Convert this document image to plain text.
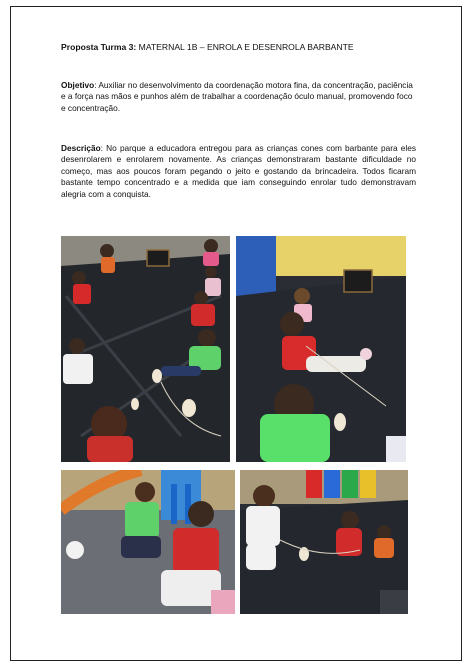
Proposta Turma 3: MATERNAL 1B – ENROLA E DESENROLA BARBANTE
Objetivo: Auxiliar no desenvolvimento da coordenação motora fina, da concentração, paciência e a força nas mãos e punhos além de trabalhar a coordenação óculo manual, promovendo foco e concentração.
Descrição: No parque a educadora entregou para as crianças cones com barbante para eles desenrolarem e enrolarem novamente. As crianças demonstraram bastante dificuldade no começo, mas aos poucos foram pegando o jeito e gostando da brincadeira. Todos ficaram bastante tempo concentrado e a medida que iam conseguindo enrolar tudo demonstravam alegria com a conquista.
